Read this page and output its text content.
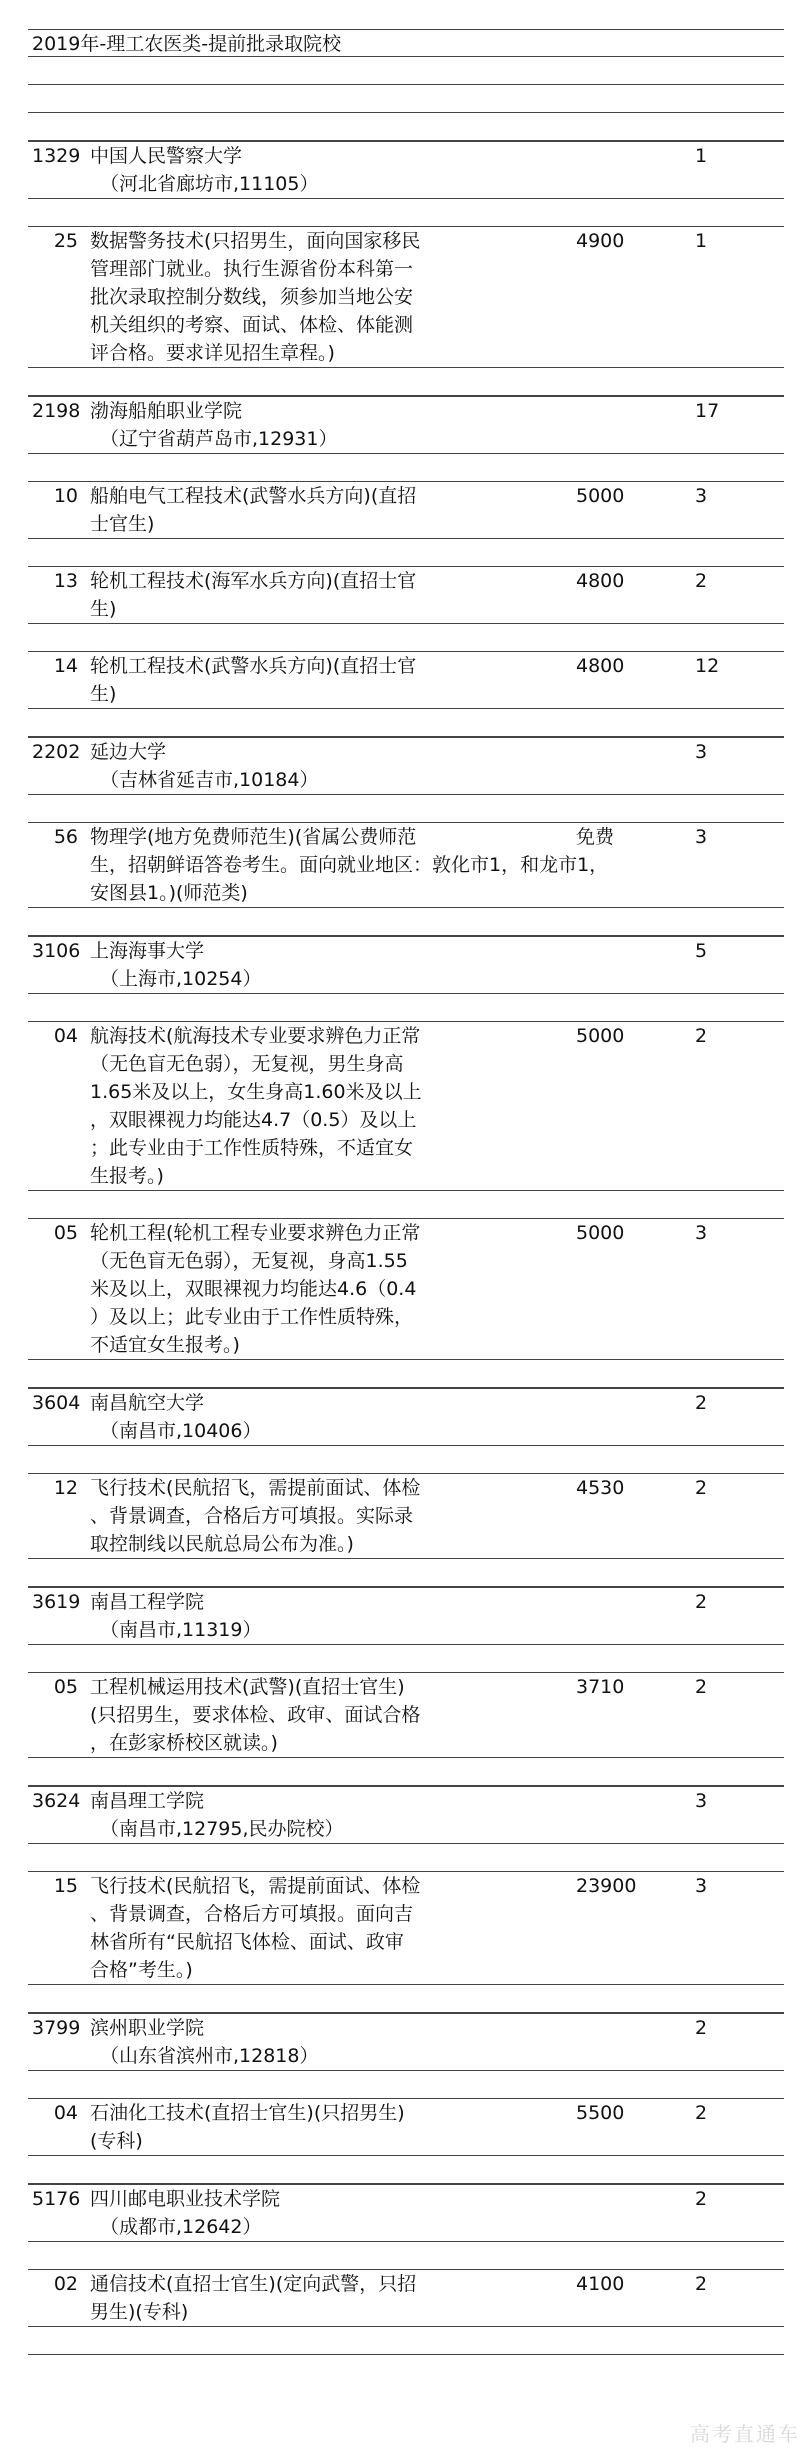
2019年-理工农医类-提前批录取院校
1329 中国人民警察大学	1
（河北省廊坊市,11105）
25 数据警务技术(只招男生，面向国家移民	4900	1
管理部门就业。执行生源省份本科第一
批次录取控制分数线，须参加当地公安
机关组织的考察、面试、体检、体能测
评合格。要求详见招生章程。)
2198 渤海船舶职业学院	17
（辽宁省葫芦岛市,12931）
10 船舶电气工程技术(武警水兵方向)(直招	5000	3
士官生)
13 轮机工程技术(海军水兵方向)(直招士官	4800	2
生)
14 轮机工程技术(武警水兵方向)(直招士官	4800	12
生)
2202 延边大学	3
（吉林省延吉市,10184）
56 物理学(地方免费师范生)(省属公费师范	免费	3
生，招朝鲜语答卷考生。面向就业地区：敦化市1，和龙市1，
安图县1。)(师范类)
3106 上海海事大学	5
（上海市,10254）
04 航海技术(航海技术专业要求辨色力正常	5000	2
（无色盲无色弱），无复视，男生身高
1.65米及以上，女生身高1.60米及以上
，双眼裸视力均能达4.7（0.5）及以上
；此专业由于工作性质特殊，不适宜女
生报考。)
05 轮机工程(轮机工程专业要求辨色力正常	5000	3
（无色盲无色弱），无复视，身高1.55
米及以上，双眼裸视力均能达4.6（0.4
）及以上；此专业由于工作性质特殊，
不适宜女生报考。)
3604 南昌航空大学	2
（南昌市,10406）
12 飞行技术(民航招飞，需提前面试、体检	4530	2
、背景调查，合格后方可填报。实际录
取控制线以民航总局公布为准。)
3619 南昌工程学院	2
（南昌市,11319）
05 工程机械运用技术(武警)(直招士官生)	3710	2
(只招男生，要求体检、政审、面试合格
，在彭家桥校区就读。)
3624 南昌理工学院	3
（南昌市,12795,民办院校）
15 飞行技术(民航招飞，需提前面试、体检	23900	3
、背景调查，合格后方可填报。面向吉
林省所有“民航招飞体检、面试、政审
合格”考生。)
3799 滨州职业学院	2
（山东省滨州市,12818）
04 石油化工技术(直招士官生)(只招男生)	5500	2
(专科)
5176 四川邮电职业技术学院	2
（成都市,12642）
02 通信技术(直招士官生)(定向武警，只招	4100	2
男生)(专科)
高考直通车
